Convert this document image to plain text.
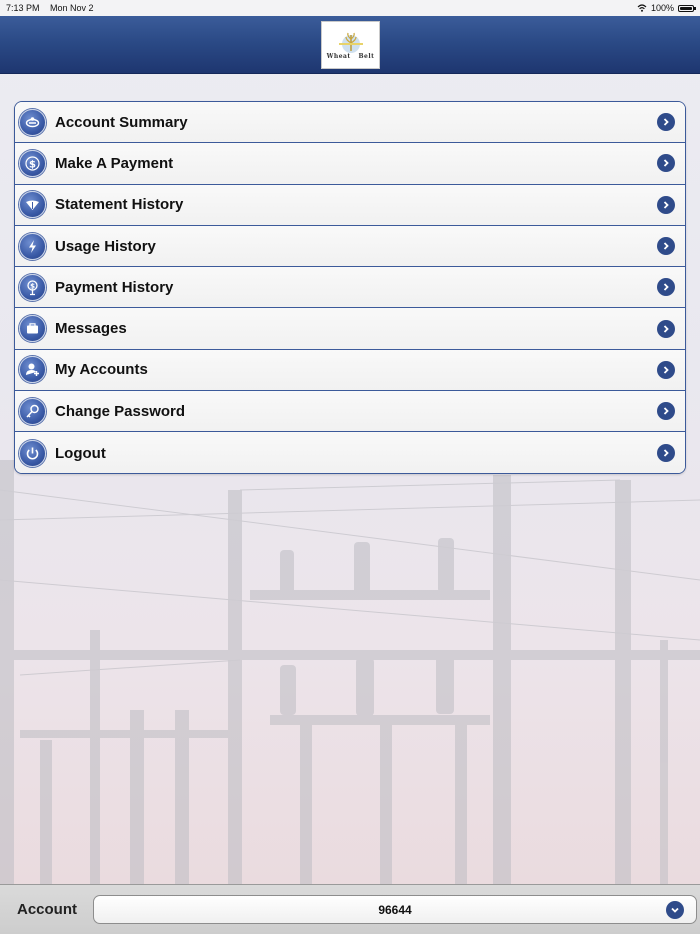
7:13 PM Mon Nov 2	100%
Wheat Belt
Account Summary
$ Make A Payment
Statement History
Usage History
$ Payment History
Messages
My Accounts
Change Password
Logout
Account	96644
